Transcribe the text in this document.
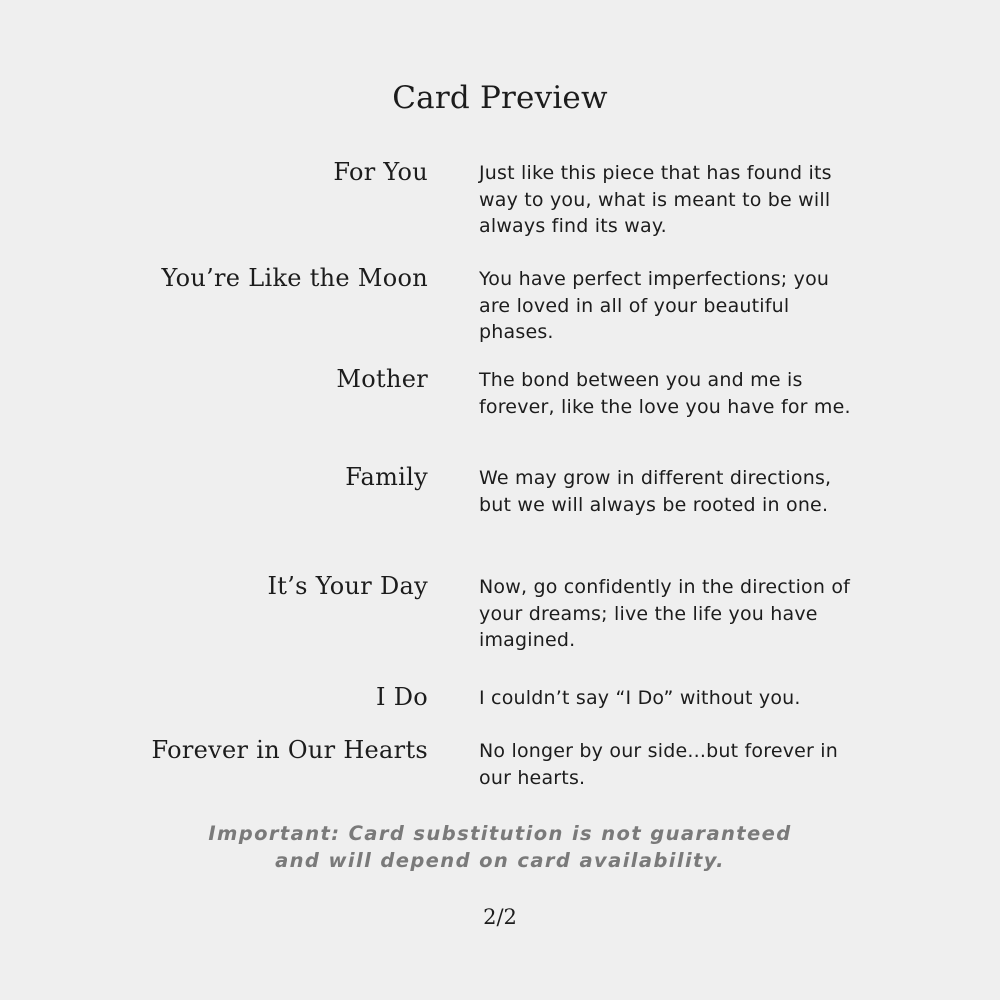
Card Preview
For You	Just like this piece that has found its way to you, what is meant to be will always find its way.
You’re Like the Moon	You have perfect imperfections; you are loved in all of your beautiful phases.
Mother	The bond between you and me is forever, like the love you have for me.
Family	We may grow in different directions, but we will always be rooted in one.
It’s Your Day	Now, go confidently in the direction of your dreams; live the life you have imagined.
I Do	I couldn’t say “I Do” without you.
Forever in Our Hearts	No longer by our side...but forever in our hearts.
Important: Card substitution is not guaranteed
and will depend on card availability.
2/2
